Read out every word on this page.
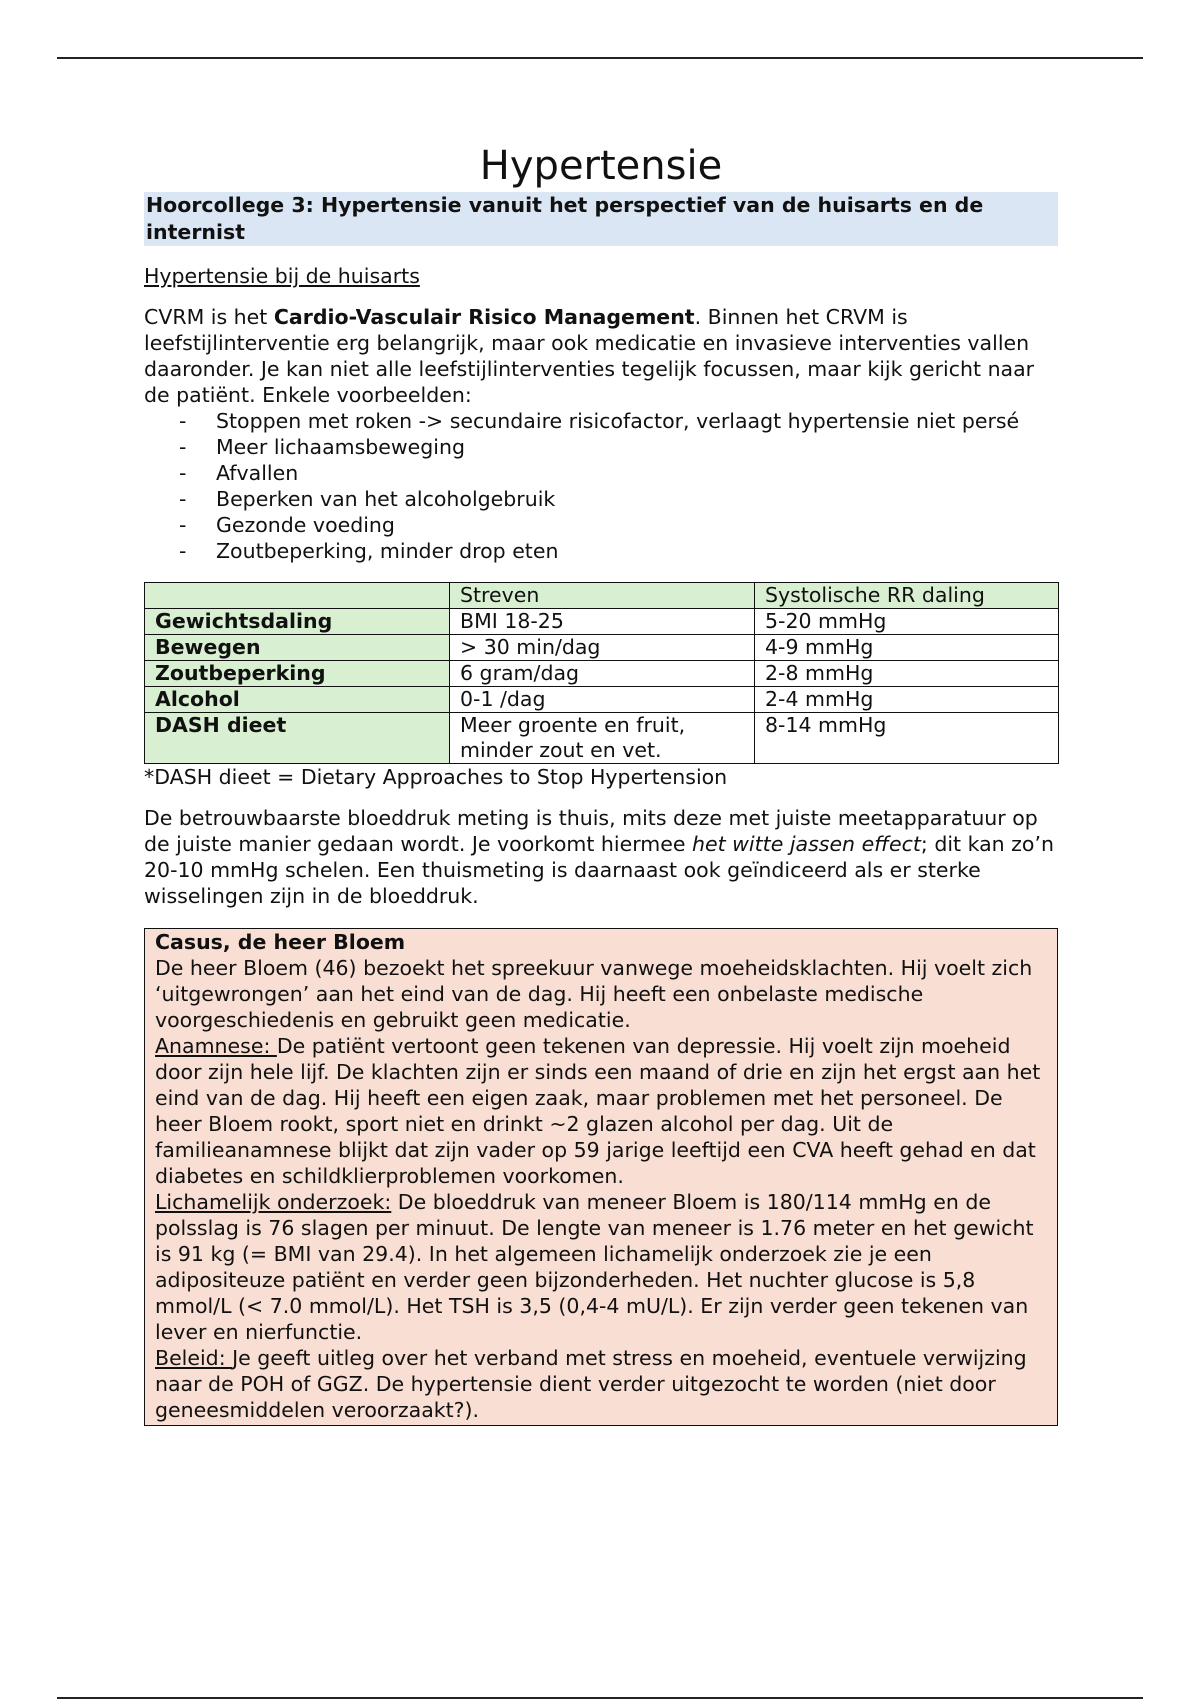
Hypertensie
Hoorcollege 3: Hypertensie vanuit het perspectief van de huisarts en de internist
Hypertensie bij de huisarts

CVRM is het Cardio-Vasculair Risico Management. Binnen het CRVM is leefstijlinterventie erg belangrijk, maar ook medicatie en invasieve interventies vallen daaronder. Je kan niet alle leefstijlinterventies tegelijk focussen, maar kijk gericht naar de patiënt. Enkele voorbeelden:

- Stoppen met roken -> secundaire risicofactor, verlaagt hypertensie niet persé
- Meer lichaamsbeweging
- Afvallen
- Beperken van het alcoholgebruik
- Gezonde voeding
- Zoutbeperking, minder drop eten
	Streven	Systolische RR daling
Gewichtsdaling	BMI 18-25	5-20 mmHg
Bewegen	> 30 min/dag	4-9 mmHg
Zoutbeperking	6 gram/dag	2-8 mmHg
Alcohol	0-1 /dag	2-4 mmHg
DASH dieet	Meer groente en fruit, minder zout en vet.	8-14 mmHg
*DASH dieet = Dietary Approaches to Stop Hypertension

De betrouwbaarste bloeddruk meting is thuis, mits deze met juiste meetapparatuur op de juiste manier gedaan wordt. Je voorkomt hiermee het witte jassen effect; dit kan zo’n 20-10 mmHg schelen. Een thuismeting is daarnaast ook geïndiceerd als er sterke wisselingen zijn in de bloeddruk.

Casus, de heer Bloem
De heer Bloem (46) bezoekt het spreekuur vanwege moeheidsklachten. Hij voelt zich ‘uitgewrongen’ aan het eind van de dag. Hij heeft een onbelaste medische voorgeschiedenis en gebruikt geen medicatie.
Anamnese: De patiënt vertoont geen tekenen van depressie. Hij voelt zijn moeheid door zijn hele lijf. De klachten zijn er sinds een maand of drie en zijn het ergst aan het eind van de dag. Hij heeft een eigen zaak, maar problemen met het personeel. De heer Bloem rookt, sport niet en drinkt ~2 glazen alcohol per dag. Uit de familieanamnese blijkt dat zijn vader op 59 jarige leeftijd een CVA heeft gehad en dat diabetes en schildklierproblemen voorkomen.
Lichamelijk onderzoek: De bloeddruk van meneer Bloem is 180/114 mmHg en de polsslag is 76 slagen per minuut. De lengte van meneer is 1.76 meter en het gewicht is 91 kg (= BMI van 29.4). In het algemeen lichamelijk onderzoek zie je een adipositeuze patiënt en verder geen bijzonderheden. Het nuchter glucose is 5,8 mmol/L (< 7.0 mmol/L). Het TSH is 3,5 (0,4-4 mU/L). Er zijn verder geen tekenen van lever en nierfunctie.
Beleid: Je geeft uitleg over het verband met stress en moeheid, eventuele verwijzing naar de POH of GGZ. De hypertensie dient verder uitgezocht te worden (niet door geneesmiddelen veroorzaakt?).
